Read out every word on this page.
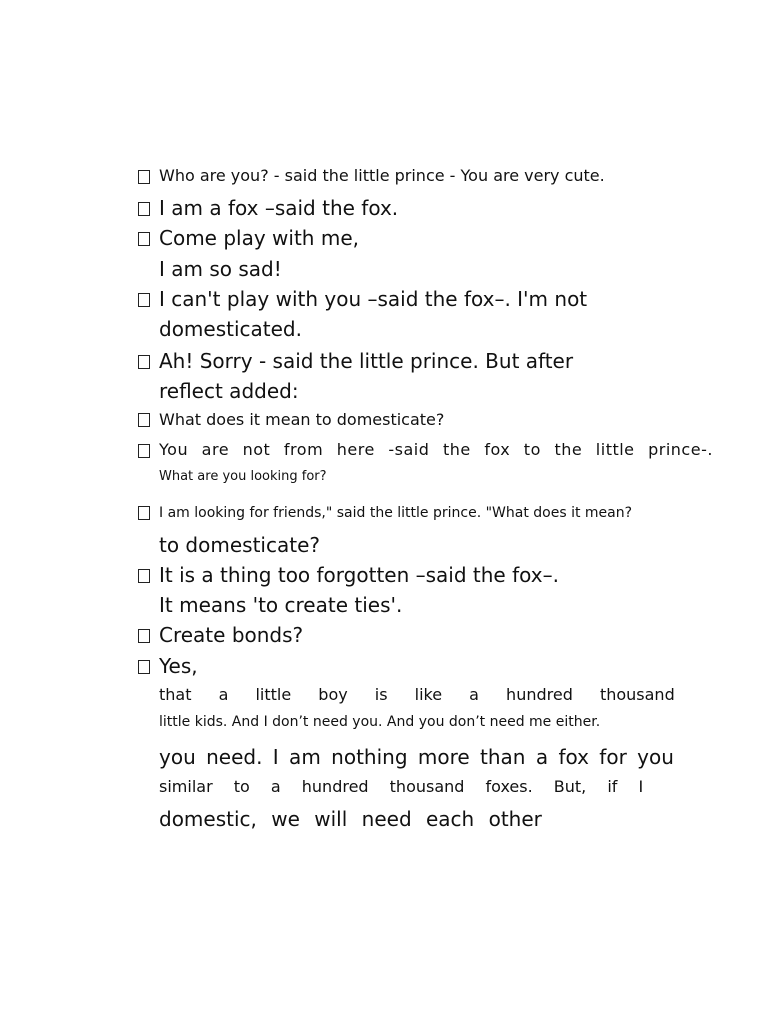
Who are you? - said the little prince - You are very cute.
I am a fox –said the fox.
Come play with me,
I am so sad!
I can't play with you –said the fox–. I'm not
domesticated.
Ah! Sorry - said the little prince. But after
reflect added:
What does it mean to domesticate?
You are not from here -said the fox to the little prince-.
What are you looking for?
I am looking for friends," said the little prince. "What does it mean?
to domesticate?
It is a thing too forgotten –said the fox–.
It means 'to create ties'.
Create bonds?
Yes,
that a little boy is like a hundred thousand
little kids. And I don’t need you. And you don’t need me either.
you need. I am nothing more than a fox for you
similar to a hundred thousand foxes. But, if I
domestic, we will need each other
